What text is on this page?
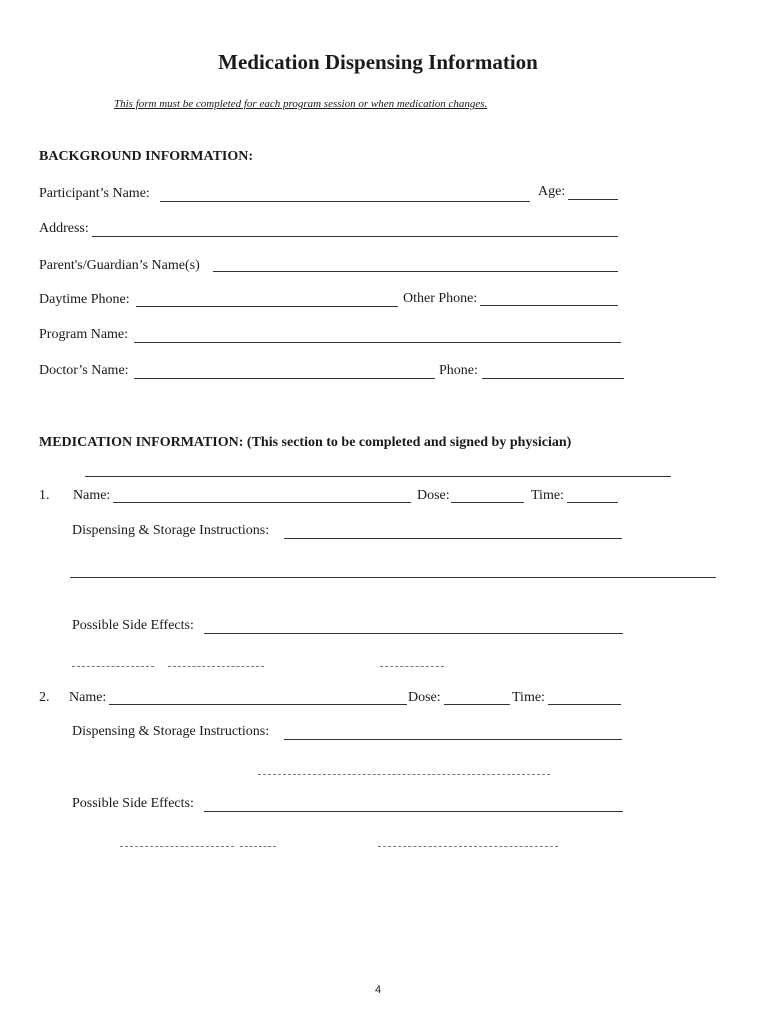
Medication Dispensing Information
This form must be completed for each program session or when medication changes.
BACKGROUND INFORMATION:
Participant’s Name:	Age:
Address:
Parent's/Guardian’s Name(s)
Daytime Phone:	Other Phone:
Program Name:
Doctor’s Name:	Phone:
MEDICATION INFORMATION: (This section to be completed and signed by physician)
1. Name:	Dose:	Time:
Dispensing & Storage Instructions:
Possible Side Effects:
2. Name:	Dose:	Time:
Dispensing & Storage Instructions:
Possible Side Effects:
4
